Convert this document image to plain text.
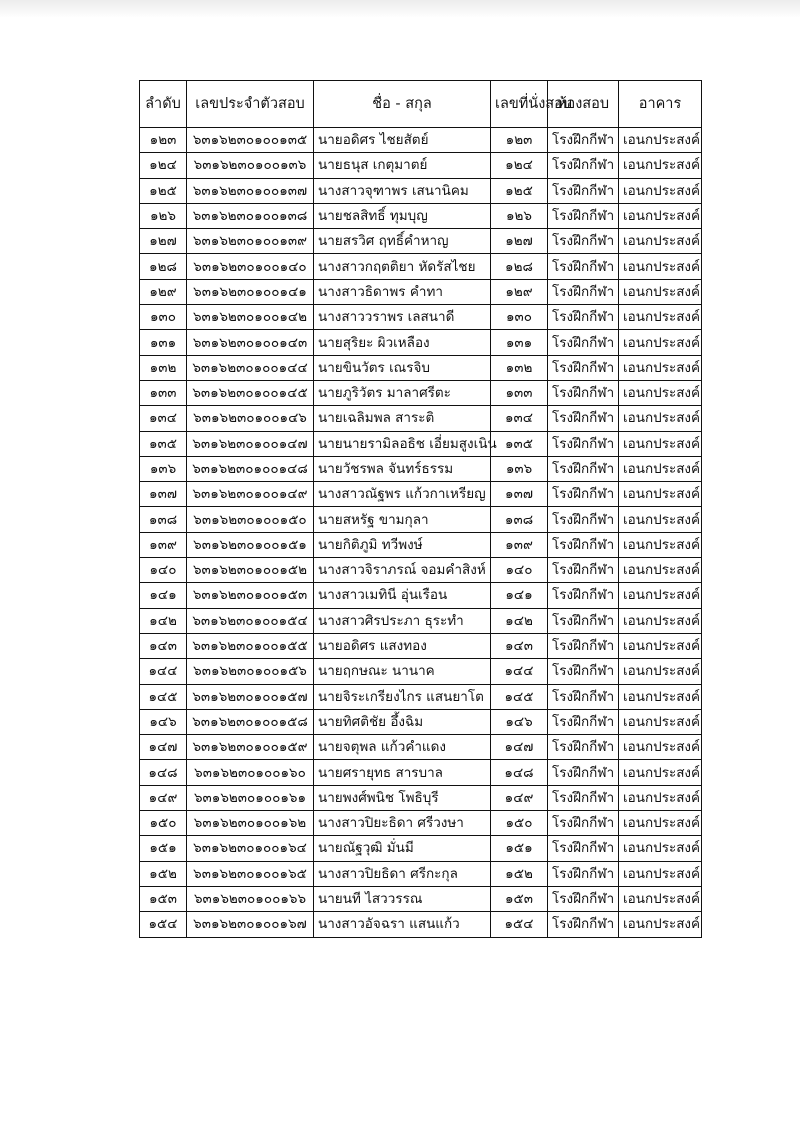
ลำดับ	เลขประจำตัวสอบ	ชื่อ - สกุล	เลขที่นั่งสอบ	ห้องสอบ	อาคาร
๑๒๓	๖๓๑๖๒๓๐๑๐๐๑๓๕	นายอดิศร ไชยสัตย์	๑๒๓	โรงฝึกกีฬา	เอนกประสงค์
๑๒๔	๖๓๑๖๒๓๐๑๐๐๑๓๖	นายธนุส เกตุมาตย์	๑๒๔	โรงฝึกกีฬา	เอนกประสงค์
๑๒๕	๖๓๑๖๒๓๐๑๐๐๑๓๗	นางสาวจุฑาพร เสนานิคม	๑๒๕	โรงฝึกกีฬา	เอนกประสงค์
๑๒๖	๖๓๑๖๒๓๐๑๐๐๑๓๘	นายชลสิทธิ์ ทุมบุญ	๑๒๖	โรงฝึกกีฬา	เอนกประสงค์
๑๒๗	๖๓๑๖๒๓๐๑๐๐๑๓๙	นายสรวิศ ฤทธิ์คำหาญ	๑๒๗	โรงฝึกกีฬา	เอนกประสงค์
๑๒๘	๖๓๑๖๒๓๐๑๐๐๑๔๐	นางสาวกฤตติยา หัดรัสไชย	๑๒๘	โรงฝึกกีฬา	เอนกประสงค์
๑๒๙	๖๓๑๖๒๓๐๑๐๐๑๔๑	นางสาวธิดาพร คำทา	๑๒๙	โรงฝึกกีฬา	เอนกประสงค์
๑๓๐	๖๓๑๖๒๓๐๑๐๐๑๔๒	นางสาววราพร เลสนาดี	๑๓๐	โรงฝึกกีฬา	เอนกประสงค์
๑๓๑	๖๓๑๖๒๓๐๑๐๐๑๔๓	นายสุริยะ ผิวเหลือง	๑๓๑	โรงฝึกกีฬา	เอนกประสงค์
๑๓๒	๖๓๑๖๒๓๐๑๐๐๑๔๔	นายขินวัตร เณรจิบ	๑๓๒	โรงฝึกกีฬา	เอนกประสงค์
๑๓๓	๖๓๑๖๒๓๐๑๐๐๑๔๕	นายภูริวัตร มาลาศรีตะ	๑๓๓	โรงฝึกกีฬา	เอนกประสงค์
๑๓๔	๖๓๑๖๒๓๐๑๐๐๑๔๖	นายเฉลิมพล สาระติ	๑๓๔	โรงฝึกกีฬา	เอนกประสงค์
๑๓๕	๖๓๑๖๒๓๐๑๐๐๑๔๗	นายนายรามิลอธิช เอี่ยมสูงเนิน	๑๓๕	โรงฝึกกีฬา	เอนกประสงค์
๑๓๖	๖๓๑๖๒๓๐๑๐๐๑๔๘	นายวัชรพล จันทร์ธรรม	๑๓๖	โรงฝึกกีฬา	เอนกประสงค์
๑๓๗	๖๓๑๖๒๓๐๑๐๐๑๔๙	นางสาวณัฐพร แก้วกาเหรียญ	๑๓๗	โรงฝึกกีฬา	เอนกประสงค์
๑๓๘	๖๓๑๖๒๓๐๑๐๐๑๕๐	นายสหรัฐ ขามกุลา	๑๓๘	โรงฝึกกีฬา	เอนกประสงค์
๑๓๙	๖๓๑๖๒๓๐๑๐๐๑๕๑	นายกิติภูมิ ทวีพงษ์	๑๓๙	โรงฝึกกีฬา	เอนกประสงค์
๑๔๐	๖๓๑๖๒๓๐๑๐๐๑๕๒	นางสาวจิราภรณ์ จอมคำสิงห์	๑๔๐	โรงฝึกกีฬา	เอนกประสงค์
๑๔๑	๖๓๑๖๒๓๐๑๐๐๑๕๓	นางสาวเมทินี อุ่นเรือน	๑๔๑	โรงฝึกกีฬา	เอนกประสงค์
๑๔๒	๖๓๑๖๒๓๐๑๐๐๑๕๔	นางสาวศิรประภา ธุระทำ	๑๔๒	โรงฝึกกีฬา	เอนกประสงค์
๑๔๓	๖๓๑๖๒๓๐๑๐๐๑๕๕	นายอดิศร แสงทอง	๑๔๓	โรงฝึกกีฬา	เอนกประสงค์
๑๔๔	๖๓๑๖๒๓๐๑๐๐๑๕๖	นายฤกษณะ นานาค	๑๔๔	โรงฝึกกีฬา	เอนกประสงค์
๑๔๕	๖๓๑๖๒๓๐๑๐๐๑๕๗	นายจิระเกรียงไกร แสนยาโต	๑๔๕	โรงฝึกกีฬา	เอนกประสงค์
๑๔๖	๖๓๑๖๒๓๐๑๐๐๑๕๘	นายทิศติชัย อึ้งฉิม	๑๔๖	โรงฝึกกีฬา	เอนกประสงค์
๑๔๗	๖๓๑๖๒๓๐๑๐๐๑๕๙	นายจตุพล แก้วคำแดง	๑๔๗	โรงฝึกกีฬา	เอนกประสงค์
๑๔๘	๖๓๑๖๒๓๐๑๐๐๑๖๐	นายศรายุทธ สารบาล	๑๔๘	โรงฝึกกีฬา	เอนกประสงค์
๑๔๙	๖๓๑๖๒๓๐๑๐๐๑๖๑	นายพงศ์พนิช โพธิบุรี	๑๔๙	โรงฝึกกีฬา	เอนกประสงค์
๑๕๐	๖๓๑๖๒๓๐๑๐๐๑๖๒	นางสาวปิยะธิดา ศรีวงษา	๑๕๐	โรงฝึกกีฬา	เอนกประสงค์
๑๕๑	๖๓๑๖๒๓๐๑๐๐๑๖๔	นายณัฐวุฒิ มั่นมี	๑๕๑	โรงฝึกกีฬา	เอนกประสงค์
๑๕๒	๖๓๑๖๒๓๐๑๐๐๑๖๕	นางสาวปิยธิดา ศรีกะกุล	๑๕๒	โรงฝึกกีฬา	เอนกประสงค์
๑๕๓	๖๓๑๖๒๓๐๑๐๐๑๖๖	นายนที ไสววรรณ	๑๕๓	โรงฝึกกีฬา	เอนกประสงค์
๑๕๔	๖๓๑๖๒๓๐๑๐๐๑๖๗	นางสาวอัจฉรา แสนแก้ว	๑๕๔	โรงฝึกกีฬา	เอนกประสงค์
